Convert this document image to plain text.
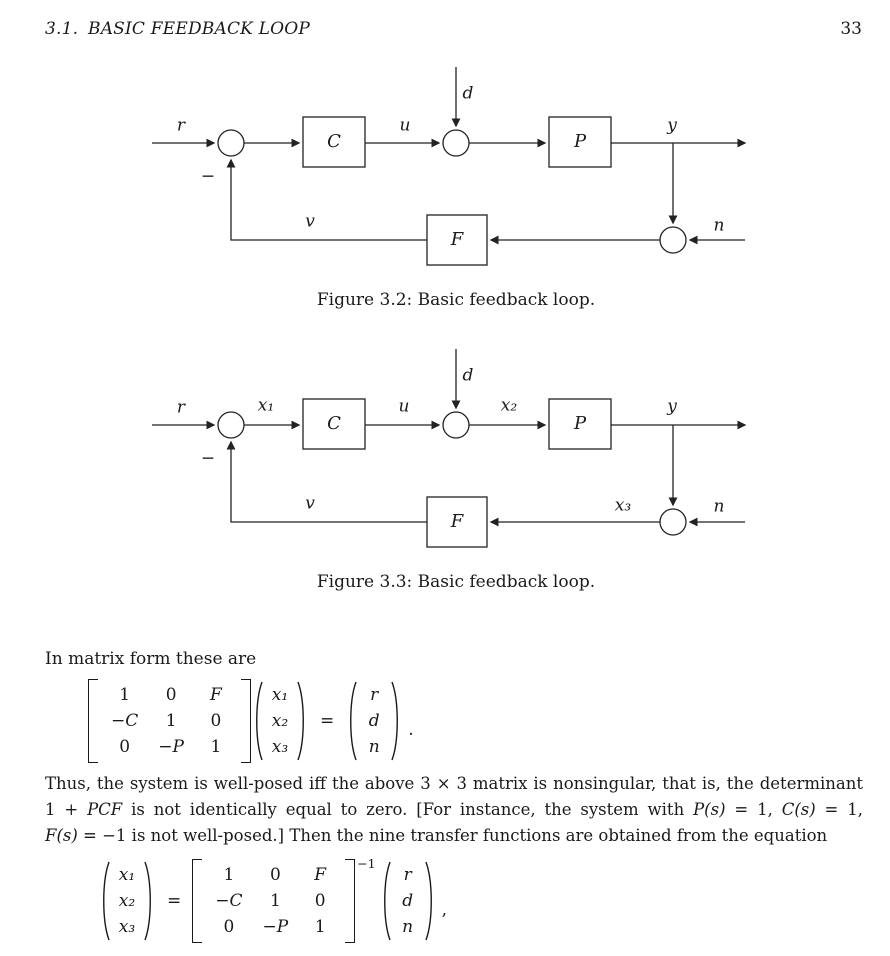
3.1. BASIC FEEDBACK LOOP	33
r
−
C
u
d
P
y
n
F
v
Figure 3.2: Basic feedback loop.
r
−
x₁
C
u
d
x₂
P
y
x₃	n
F
v
Figure 3.3: Basic feedback loop.
In matrix form these are
1	0	F
−C	1	0
0	−P	1
x₁
x₂
x₃
=
r
d
n
.
Thus, the system is well-posed iff the above 3 × 3 matrix is nonsingular, that is, the determinant
1 + PCF is not identically equal to zero. [For instance, the system with P(s) = 1, C(s) = 1,
F(s) = −1 is not well-posed.] Then the nine transfer functions are obtained from the equation
x₁
x₂
x₃
=
1	0	F
−C	1	0
0	−P	1
−1
r
d
n
,
